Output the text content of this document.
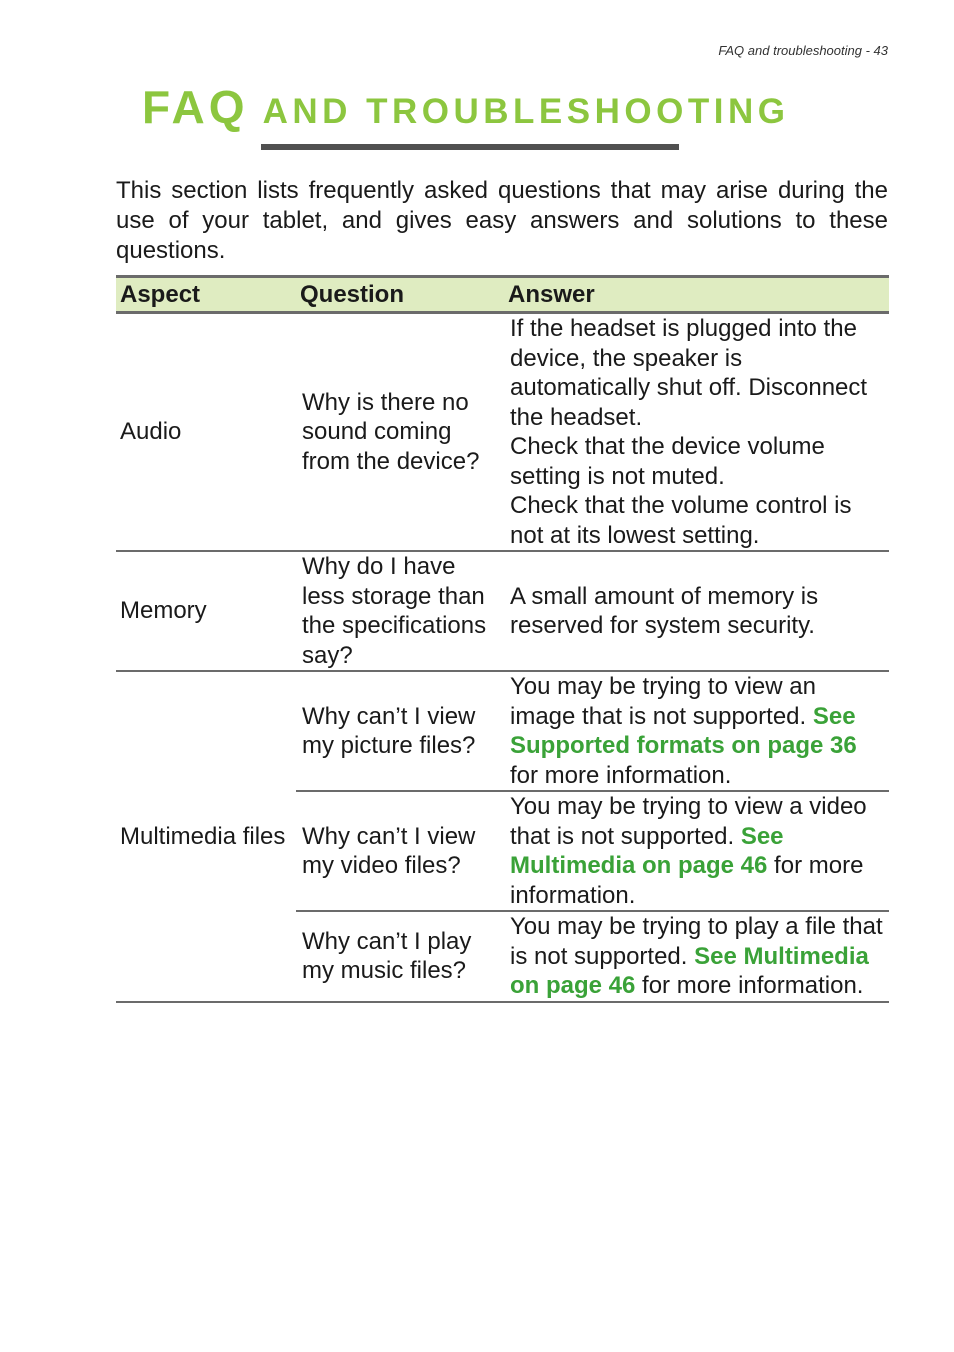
FAQ and troubleshooting - 43
FAQ AND TROUBLESHOOTING

This section lists frequently asked questions that may arise during the use of your tablet, and gives easy answers and solutions to these questions.

Aspect	Question	Answer
Audio	Why is there no sound coming from the device?	If the headset is plugged into the device, the speaker is automatically shut off. Disconnect the headset.
Check that the device volume setting is not muted.
Check that the volume control is not at its lowest setting.

Memory	Why do I have less storage than the specifications say?	A small amount of memory is reserved for system security.

Multimedia files	Why can’t I view my picture files?	You may be trying to view an image that is not supported. See Supported formats on page 36 for more information.
	Why can’t I view my video files?	You may be trying to view a video that is not supported. See Multimedia on page 46 for more information.
	Why can’t I play my music files?	You may be trying to play a file that is not supported. See Multimedia on page 46 for more information.
